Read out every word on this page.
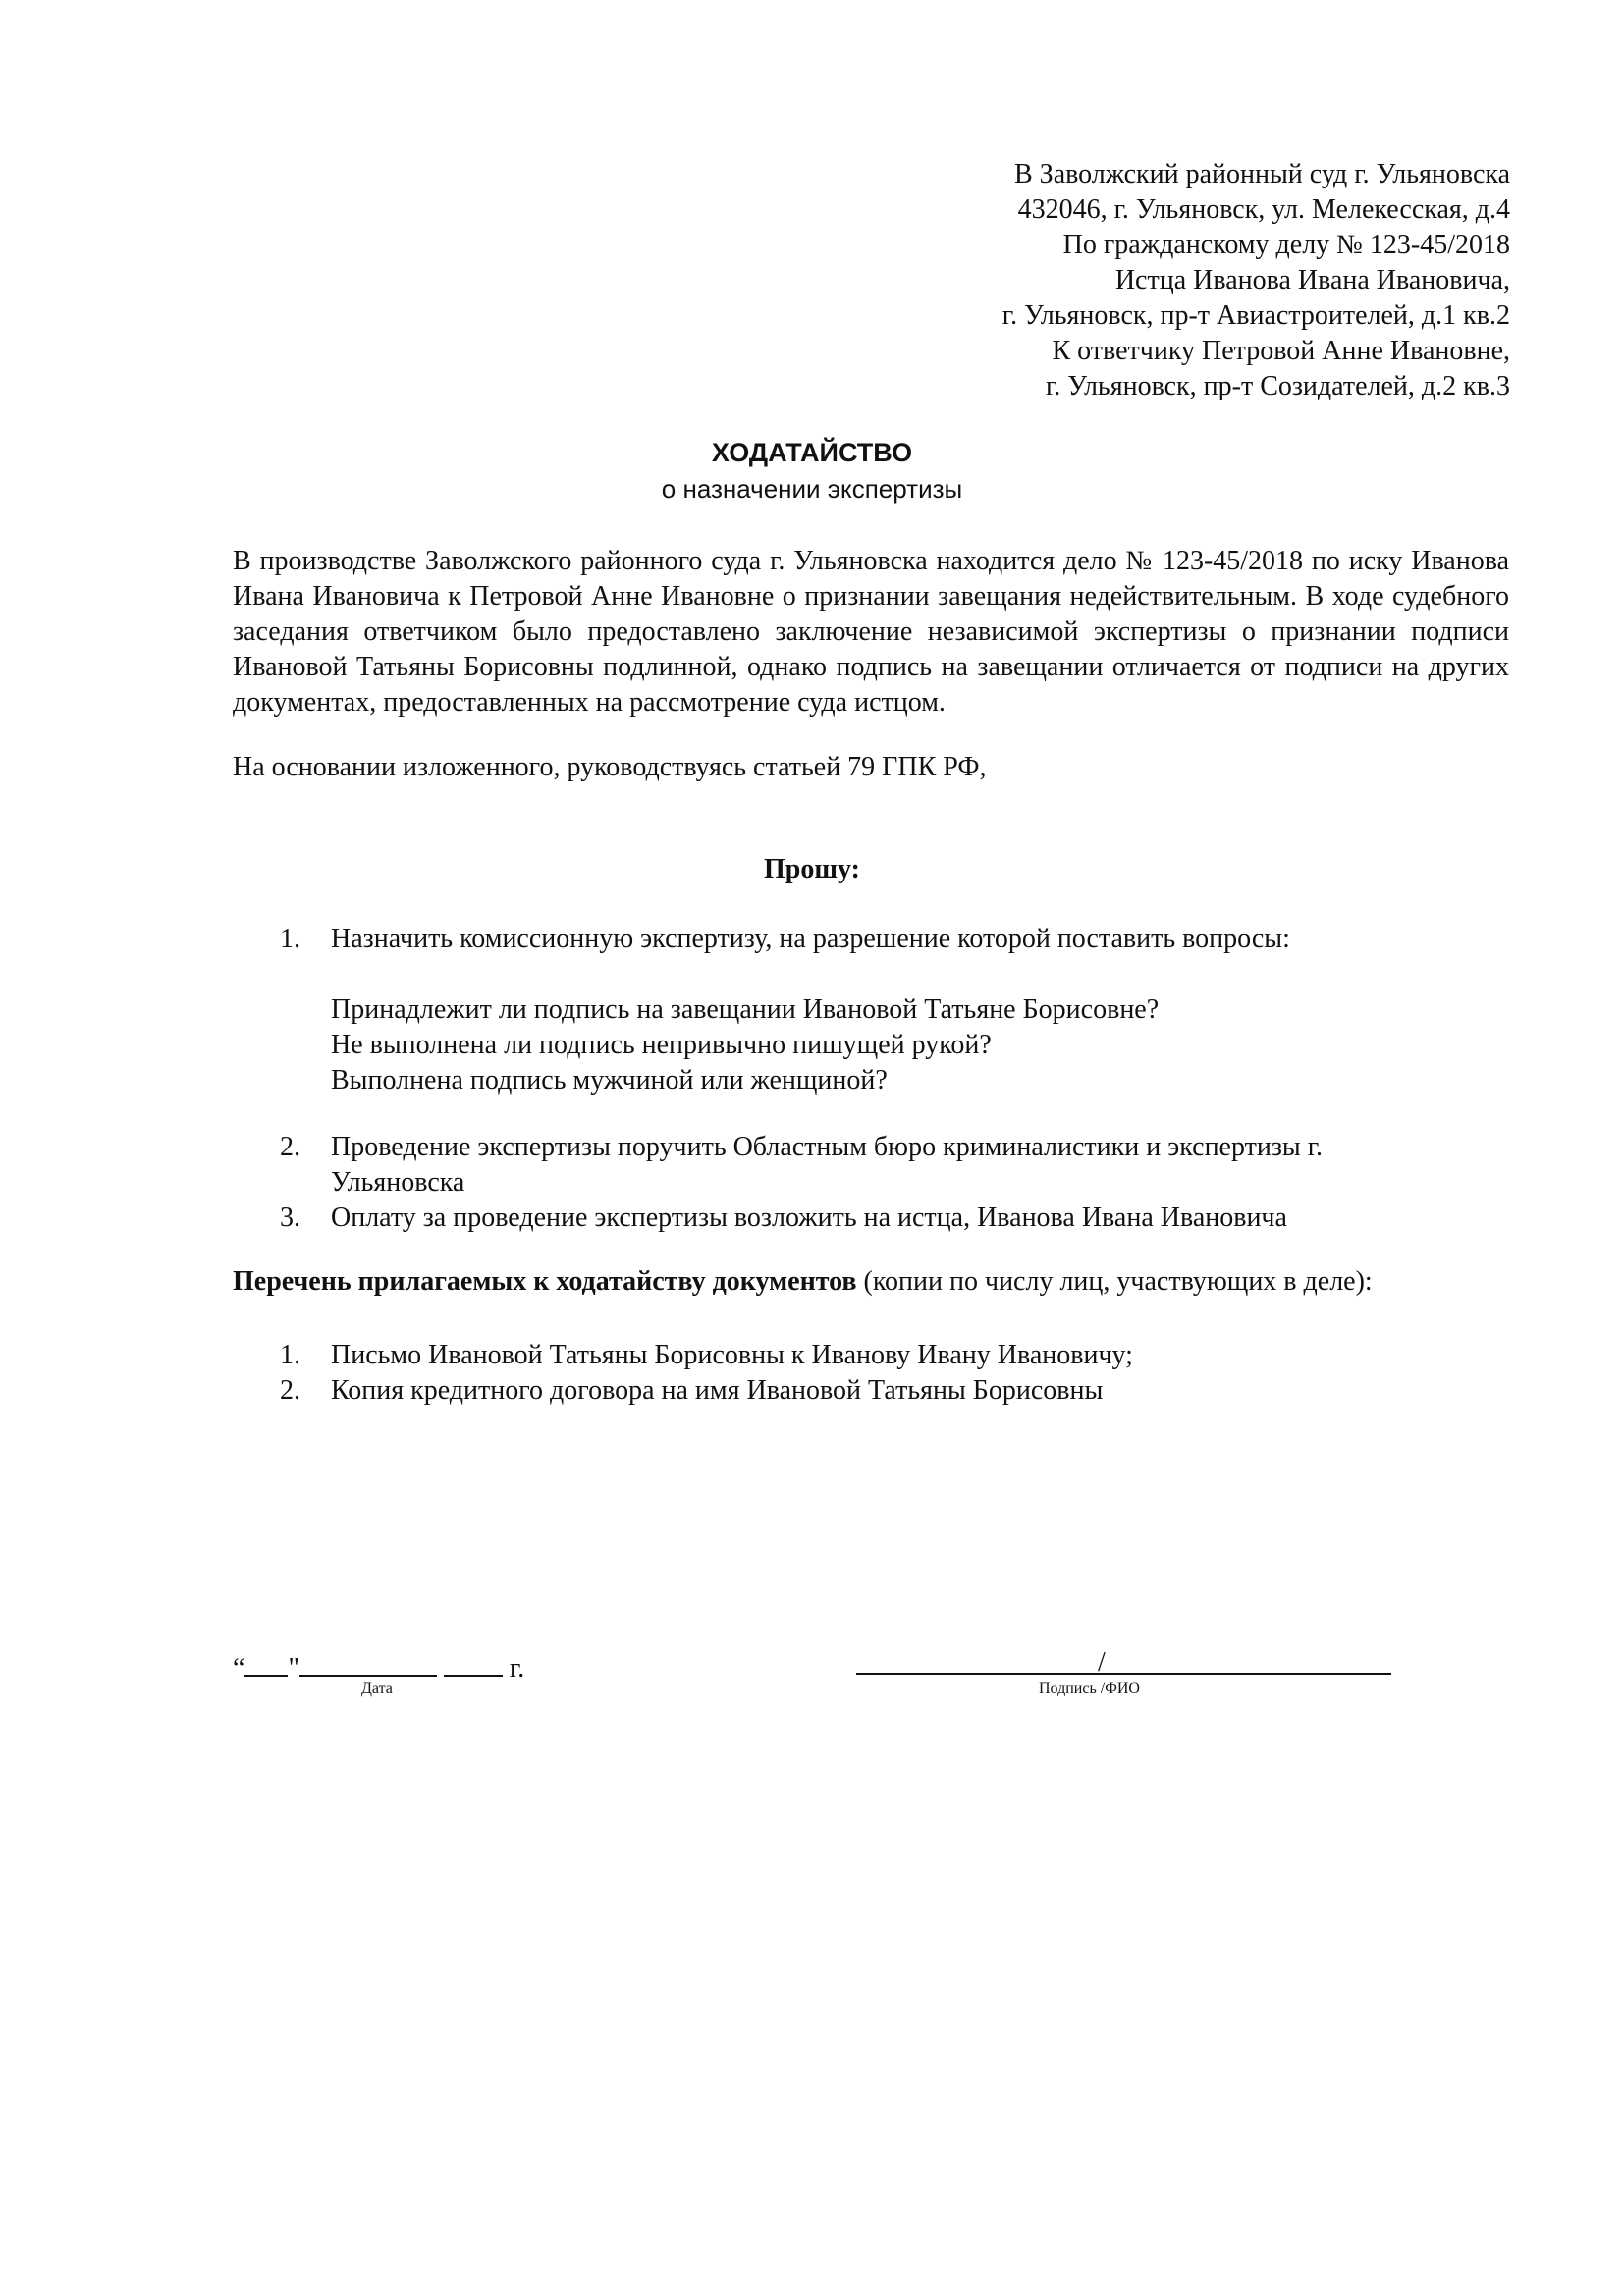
В Заволжский районный суд г. Ульяновска
432046, г. Ульяновск, ул. Мелекесская, д.4
По гражданскому делу № 123-45/2018
Истца Иванова Ивана Ивановича,
г. Ульяновск, пр-т Авиастроителей, д.1 кв.2
К ответчику Петровой Анне Ивановне,
г. Ульяновск, пр-т Созидателей, д.2 кв.3
ХОДАТАЙСТВО
о назначении экспертизы
В производстве Заволжского районного суда г. Ульяновска находится дело № 123-45/2018 по иску Иванова Ивана Ивановича к Петровой Анне Ивановне о признании завещания недействительным. В ходе судебного заседания ответчиком было предоставлено заключение независимой экспертизы о признании подписи Ивановой Татьяны Борисовны подлинной, однако подпись на завещании отличается от подписи на других документах, предоставленных на рассмотрение суда истцом.
На основании изложенного, руководствуясь статьей 79 ГПК РФ,
Прошу:
1. Назначить комиссионную экспертизу, на разрешение которой поставить вопросы:
Принадлежит ли подпись на завещании Ивановой Татьяне Борисовне?
Не выполнена ли подпись непривычно пишущей рукой?
Выполнена подпись мужчиной или женщиной?
2. Проведение экспертизы поручить Областным бюро криминалистики и экспертизы г. Ульяновска
3. Оплату за проведение экспертизы возложить на истца, Иванова Ивана Ивановича
Перечень прилагаемых к ходатайству документов (копии по числу лиц, участвующих в деле):
1. Письмо Ивановой Татьяны Борисовны к Иванову Ивану Ивановичу;
2. Копия кредитного договора на имя Ивановой Татьяны Борисовны
“ "	г.
Дата
/
Подпись /ФИО
